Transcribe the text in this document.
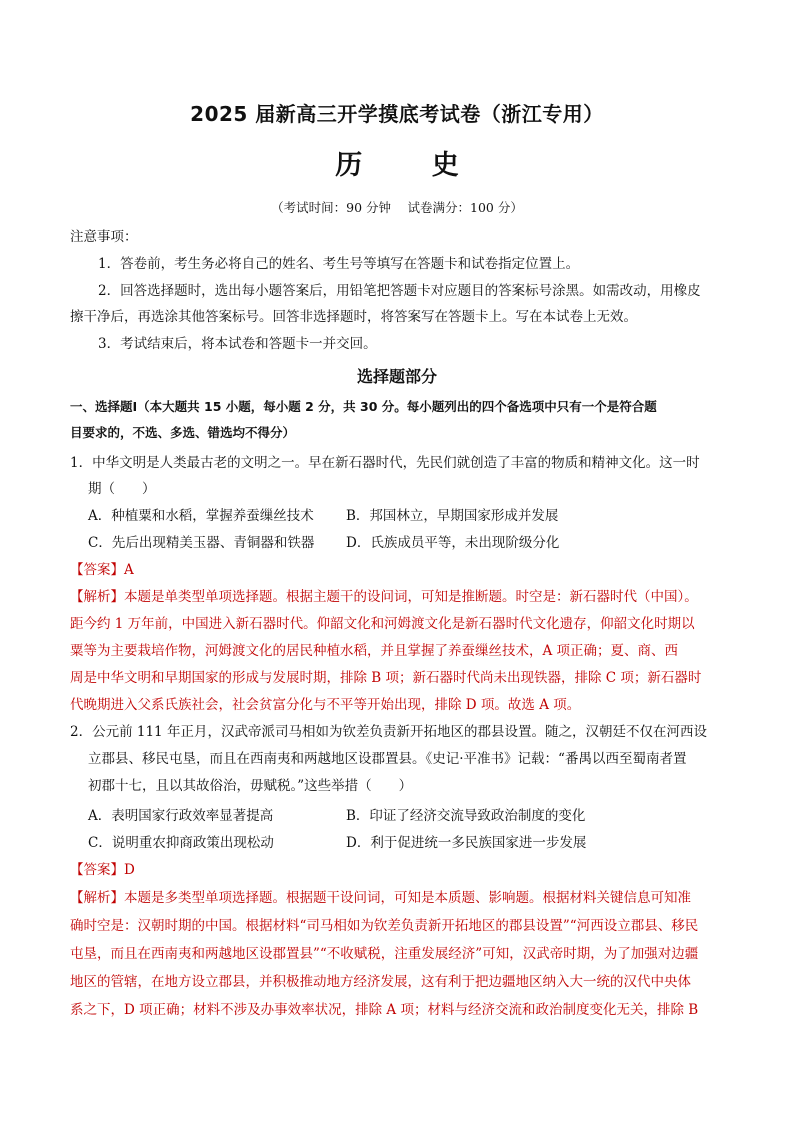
2025 届新高三开学摸底考试卷（浙江专用）
历 史
（考试时间：90 分钟　 试卷满分：100 分）
注意事项：
1．答卷前，考生务必将自己的姓名、考生号等填写在答题卡和试卷指定位置上。
2．回答选择题时，选出每小题答案后，用铅笔把答题卡对应题目的答案标号涂黑。如需改动，用橡皮
擦干净后，再选涂其他答案标号。回答非选择题时，将答案写在答题卡上。写在本试卷上无效。
3．考试结束后，将本试卷和答题卡一并交回。
选择题部分
一、选择题Ⅰ（本大题共 15 小题，每小题 2 分，共 30 分。每小题列出的四个备选项中只有一个是符合题
目要求的，不选、多选、错选均不得分）
1．中华文明是人类最古老的文明之一。早在新石器时代，先民们就创造了丰富的物质和精神文化。这一时
期（　　）
A．种植粟和水稻，掌握养蚕缫丝技术	B．邦国林立，早期国家形成并发展
C．先后出现精美玉器、青铜器和铁器	D．氏族成员平等，未出现阶级分化
【答案】A
【解析】本题是单类型单项选择题。根据主题干的设问词，可知是推断题。时空是：新石器时代（中国）。
距今约 1 万年前，中国进入新石器时代。仰韶文化和河姆渡文化是新石器时代文化遗存，仰韶文化时期以
粟等为主要栽培作物，河姆渡文化的居民种植水稻，并且掌握了养蚕缫丝技术，A 项正确；夏、商、西
周是中华文明和早期国家的形成与发展时期，排除 B 项；新石器时代尚未出现铁器，排除 C 项；新石器时
代晚期进入父系氏族社会，社会贫富分化与不平等开始出现，排除 D 项。故选 A 项。
2．公元前 111 年正月，汉武帝派司马相如为钦差负责新开拓地区的郡县设置。随之，汉朝廷不仅在河西设
立郡县、移民屯垦，而且在西南夷和两越地区设郡置县。《史记·平准书》记载：“番禺以西至蜀南者置
初郡十七，且以其故俗治，毋赋税。”这些举措（　　）
A．表明国家行政效率显著提高	B．印证了经济交流导致政治制度的变化
C．说明重农抑商政策出现松动	D．利于促进统一多民族国家进一步发展
【答案】D
【解析】本题是多类型单项选择题。根据题干设问词，可知是本质题、影响题。根据材料关键信息可知准
确时空是：汉朝时期的中国。根据材料“司马相如为钦差负责新开拓地区的郡县设置”“河西设立郡县、移民
屯垦，而且在西南夷和两越地区设郡置县”“不收赋税，注重发展经济”可知，汉武帝时期，为了加强对边疆
地区的管辖，在地方设立郡县，并积极推动地方经济发展，这有利于把边疆地区纳入大一统的汉代中央体
系之下，D 项正确；材料不涉及办事效率状况，排除 A 项；材料与经济交流和政治制度变化无关，排除 B
